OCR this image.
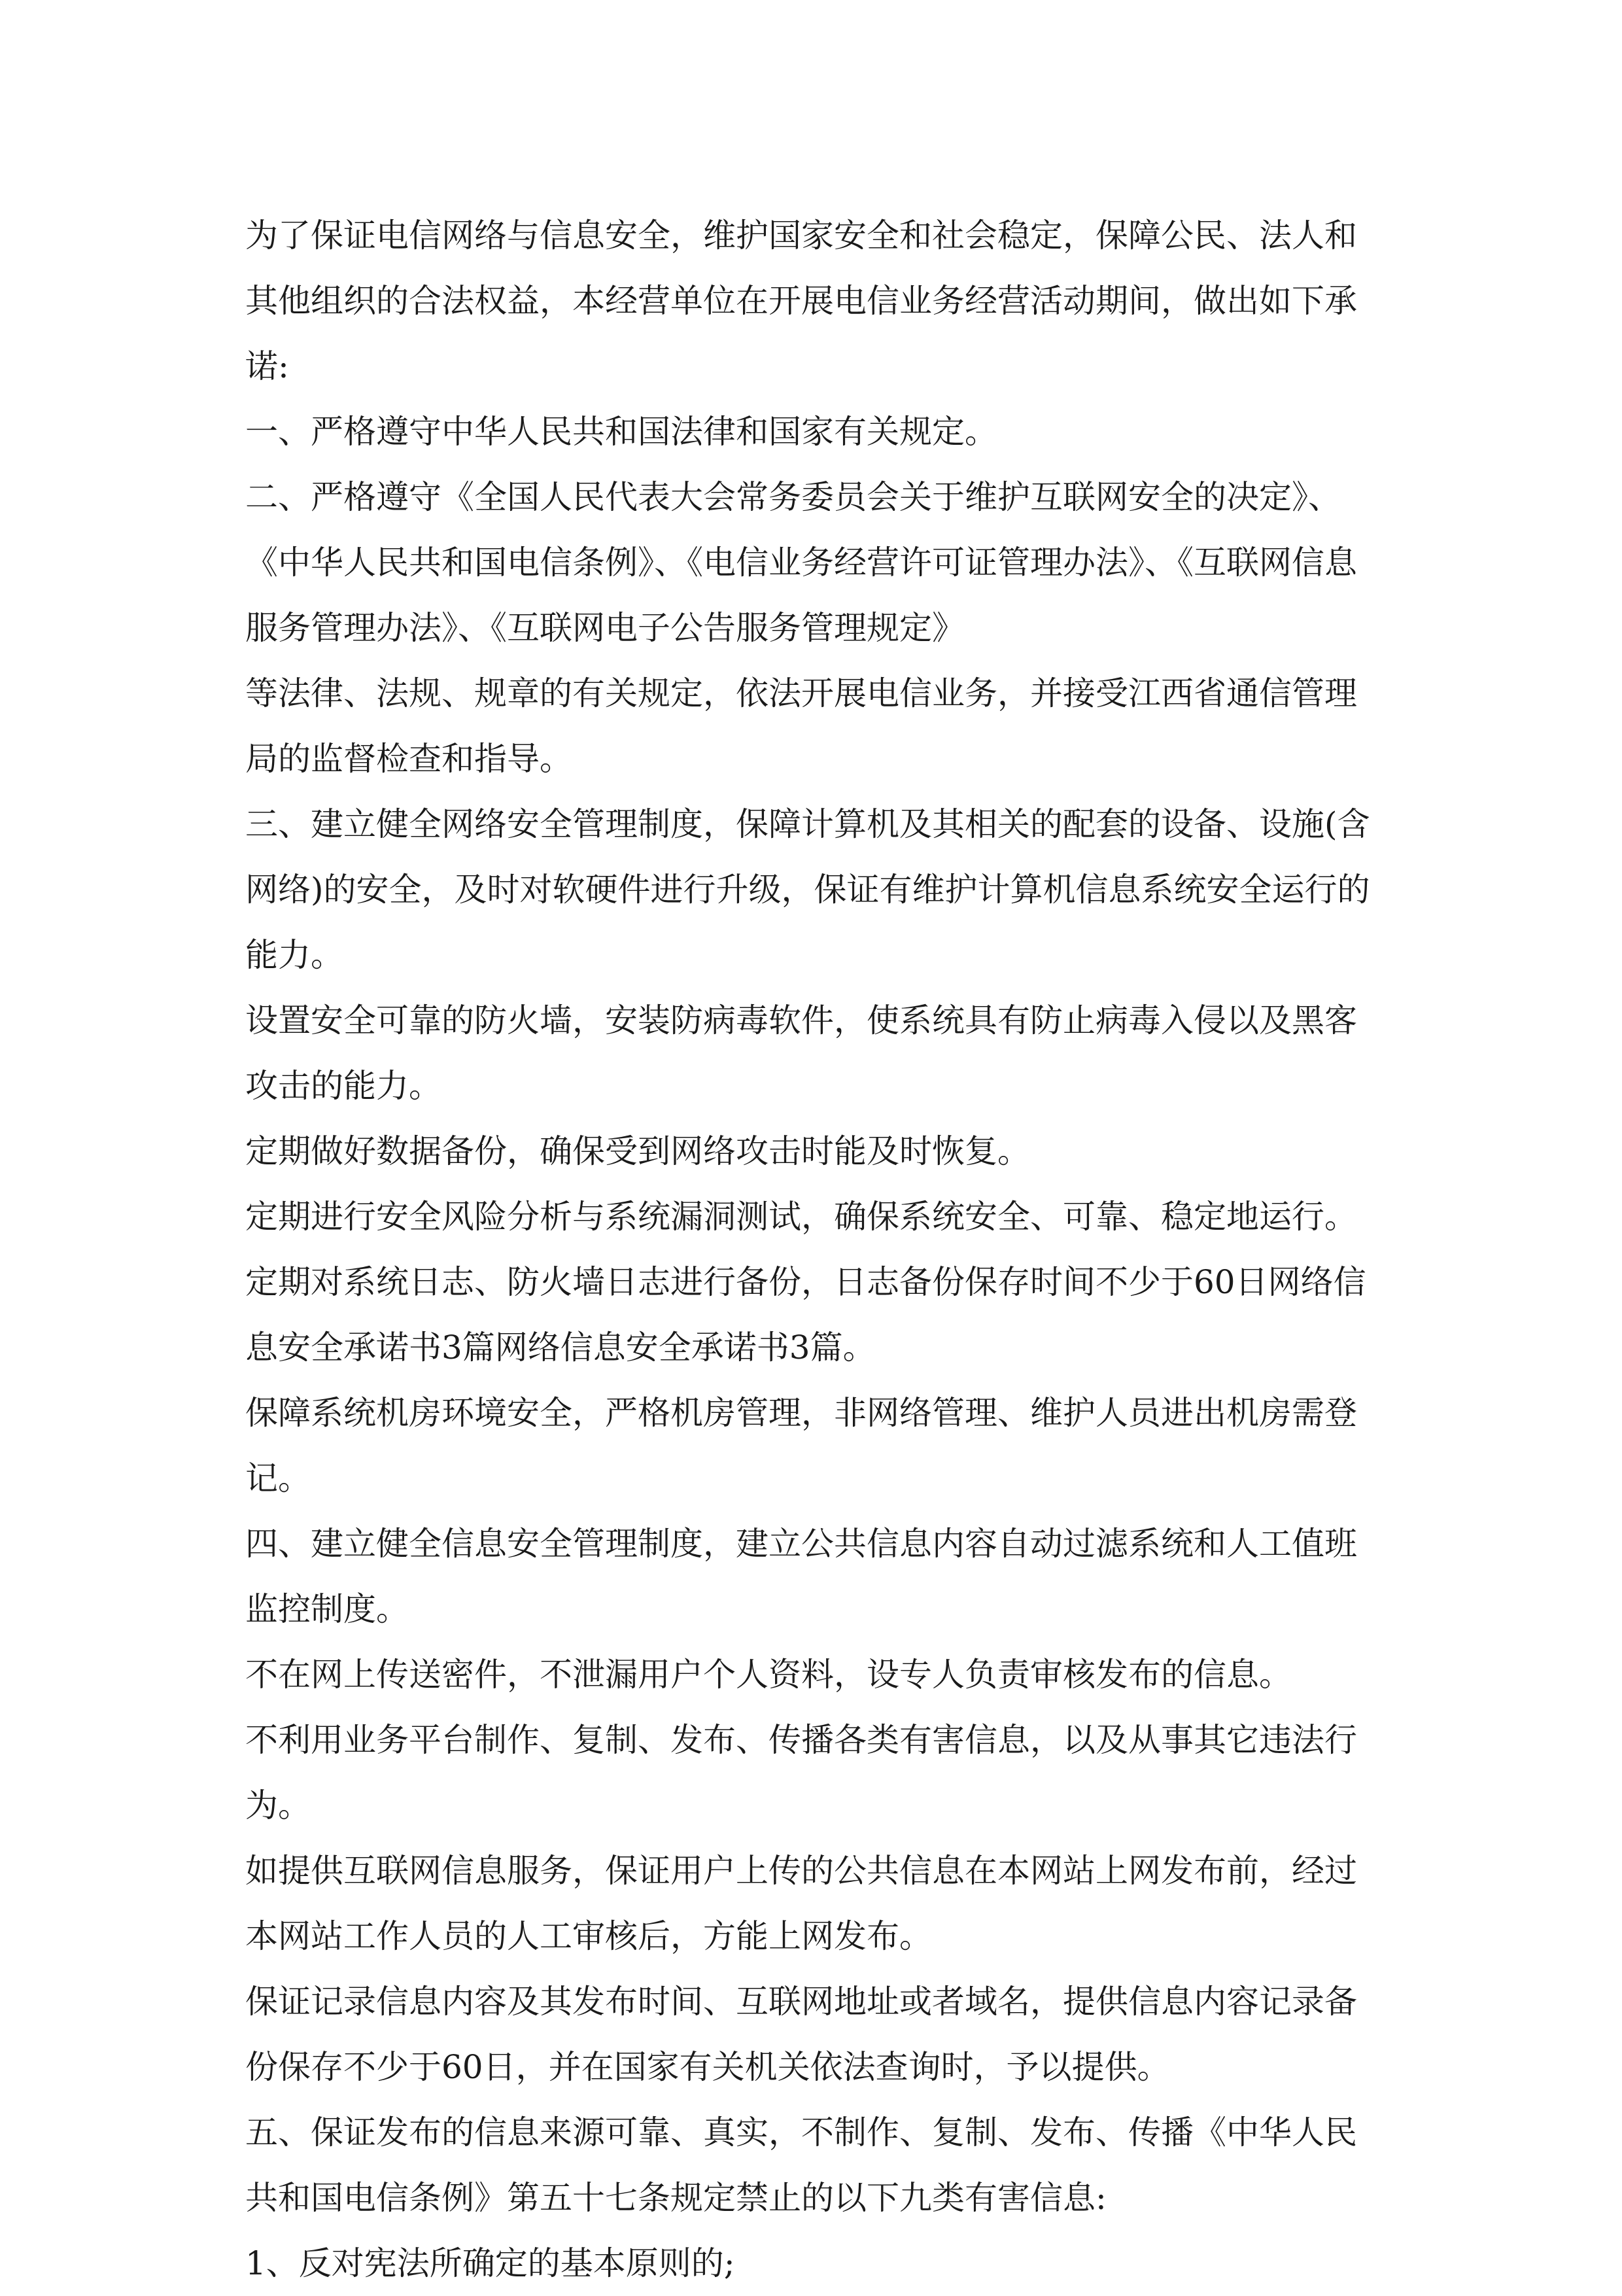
为了保证电信网络与信息安全，维护国家安全和社会稳定，保障公民、法人和其他组织的合法权益，本经营单位在开展电信业务经营活动期间，做出如下承诺:

一、严格遵守中华人民共和国法律和国家有关规定。

二、严格遵守《全国人民代表大会常务委员会关于维护互联网安全的决定》、《中华人民共和国电信条例》、《电信业务经营许可证管理办法》、《互联网信息服务管理办法》、《互联网电子公告服务管理规定》

等法律、法规、规章的有关规定，依法开展电信业务，并接受江西省通信管理局的监督检查和指导。

三、建立健全网络安全管理制度，保障计算机及其相关的配套的设备、设施(含网络)的安全，及时对软硬件进行升级，保证有维护计算机信息系统安全运行的能力。

设置安全可靠的防火墙，安装防病毒软件，使系统具有防止病毒入侵以及黑客攻击的能力。

定期做好数据备份，确保受到网络攻击时能及时恢复。

定期进行安全风险分析与系统漏洞测试，确保系统安全、可靠、稳定地运行。

定期对系统日志、防火墙日志进行备份，日志备份保存时间不少于60日网络信息安全承诺书3篇网络信息安全承诺书3篇。

保障系统机房环境安全，严格机房管理，非网络管理、维护人员进出机房需登记。

四、建立健全信息安全管理制度，建立公共信息内容自动过滤系统和人工值班监控制度。

不在网上传送密件，不泄漏用户个人资料，设专人负责审核发布的信息。

不利用业务平台制作、复制、发布、传播各类有害信息，以及从事其它违法行为。

如提供互联网信息服务，保证用户上传的公共信息在本网站上网发布前，经过本网站工作人员的人工审核后，方能上网发布。

保证记录信息内容及其发布时间、互联网地址或者域名，提供信息内容记录备份保存不少于60日，并在国家有关机关依法查询时，予以提供。

五、保证发布的信息来源可靠、真实，不制作、复制、发布、传播《中华人民共和国电信条例》第五十七条规定禁止的以下九类有害信息:

1、反对宪法所确定的基本原则的;
